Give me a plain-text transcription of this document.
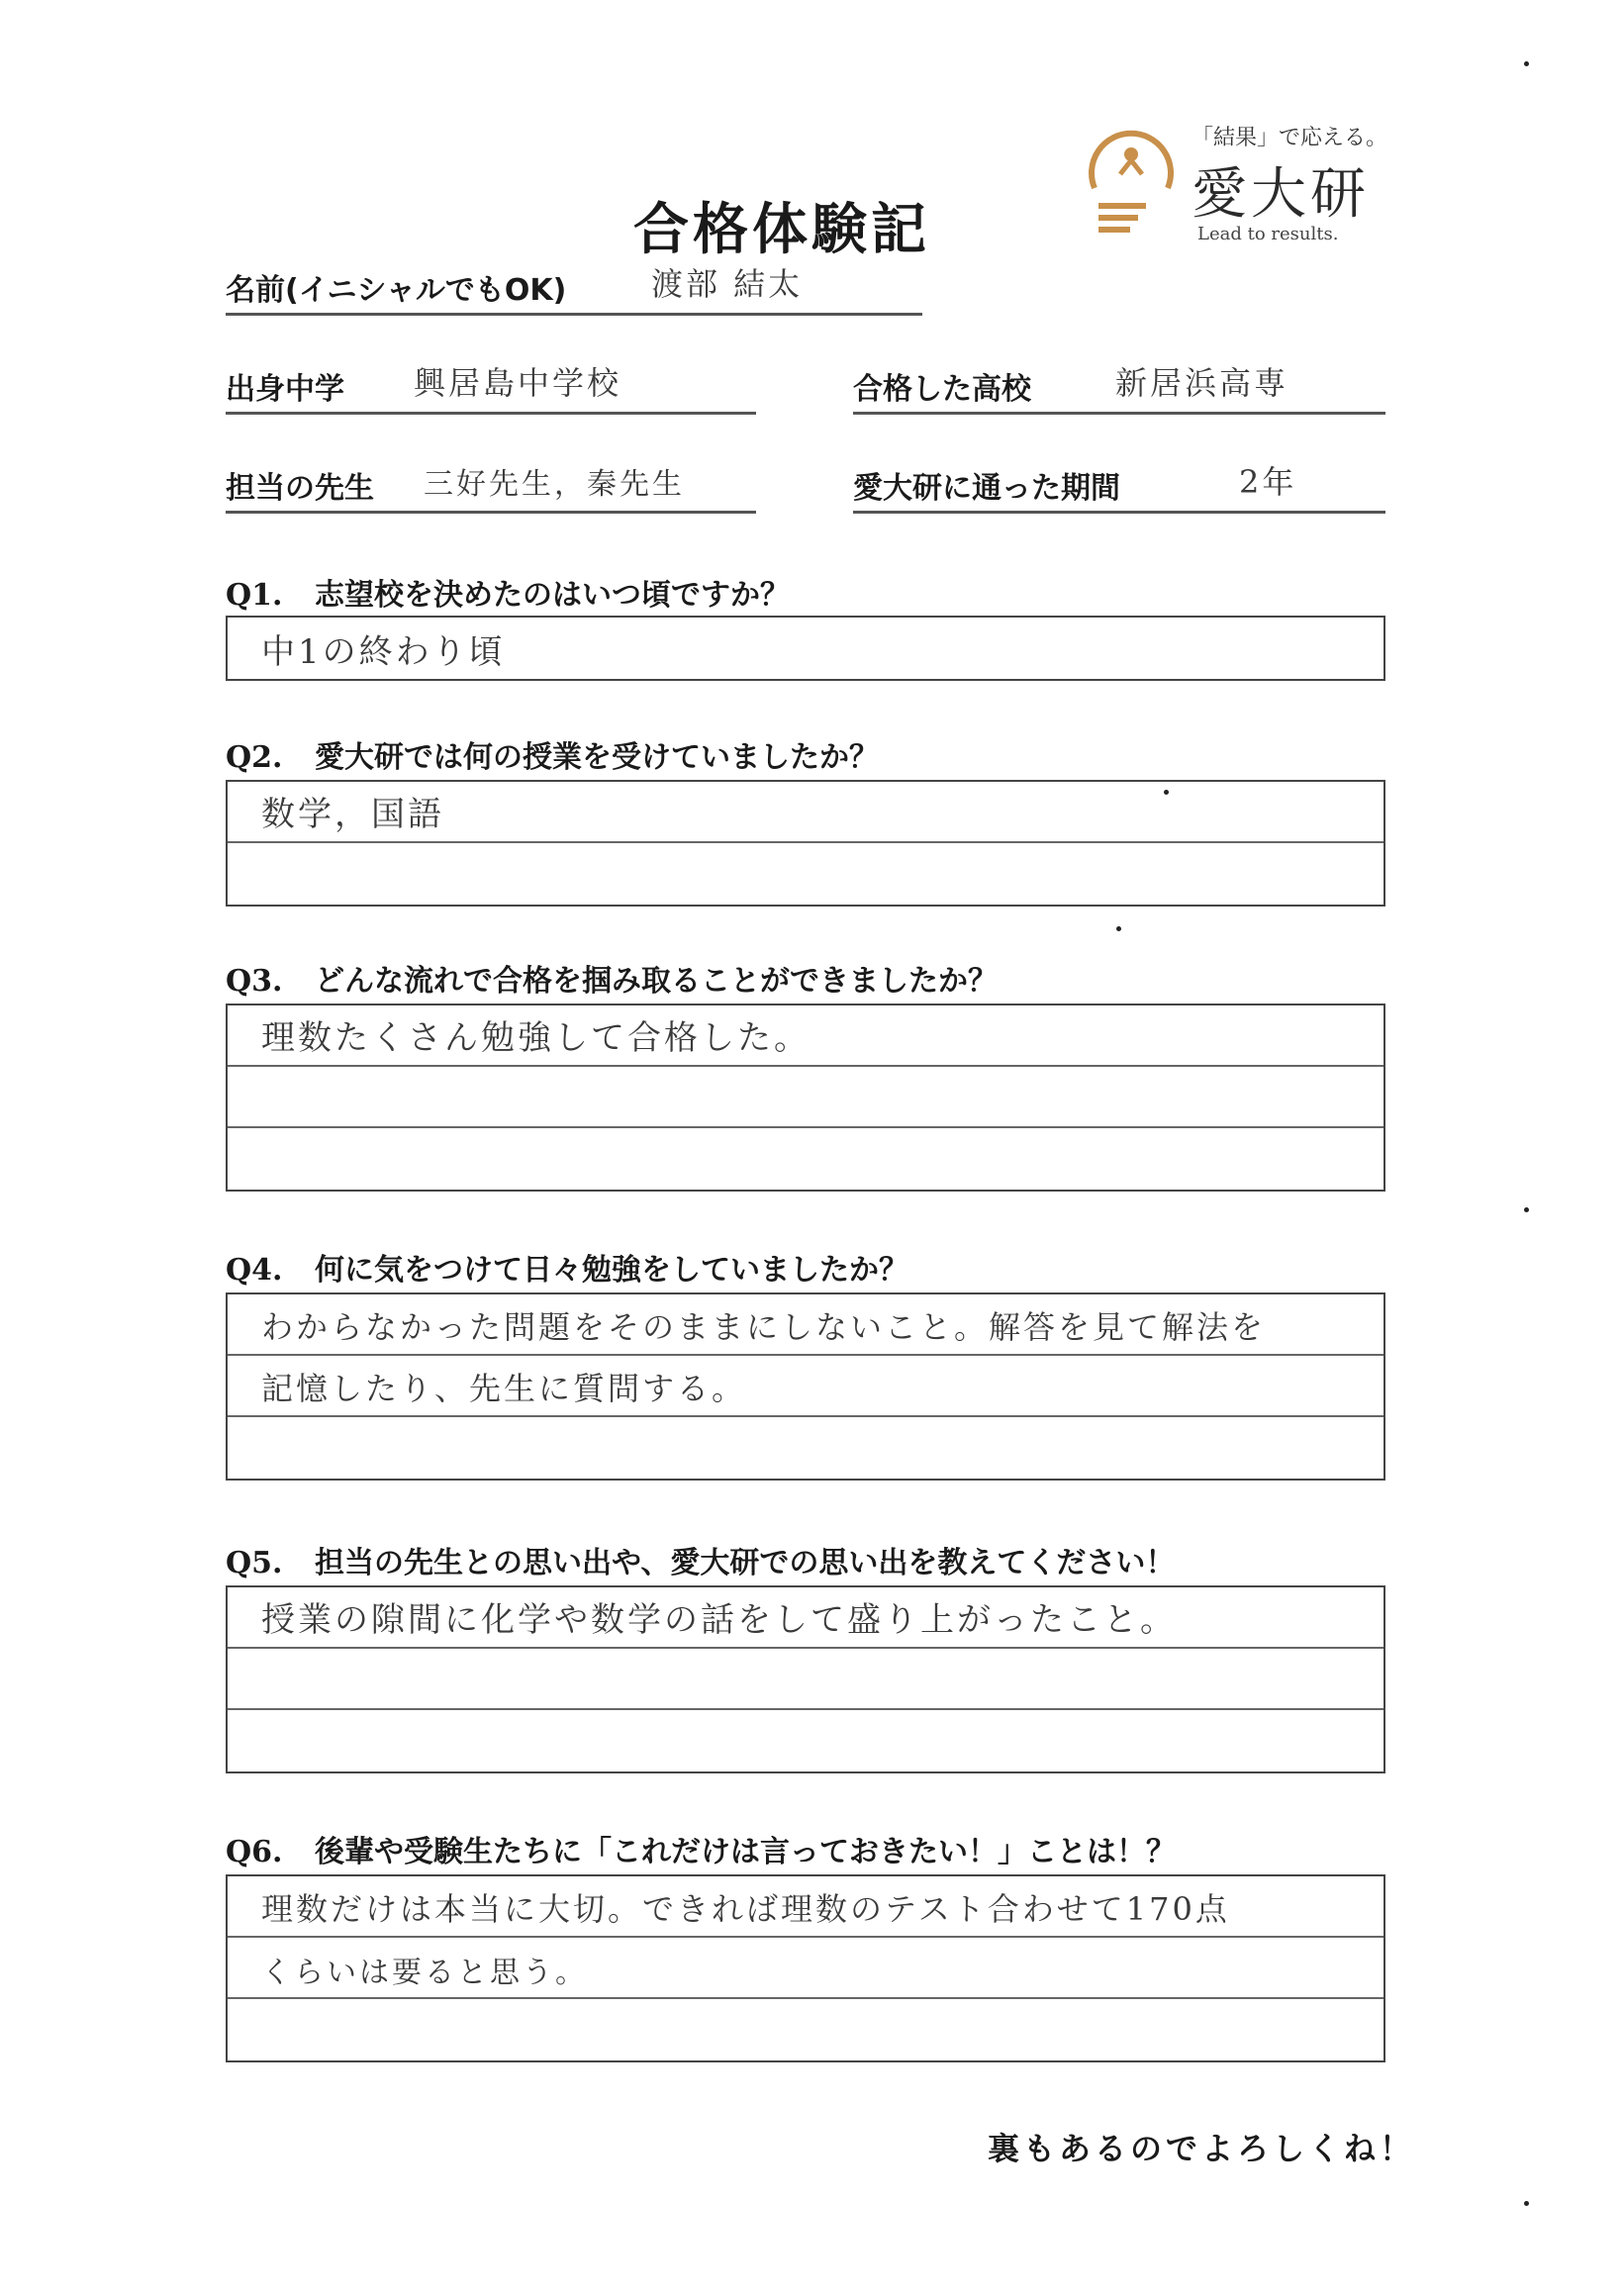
合格体験記
「結果」で応える。
愛大研
Lead to results.
名前(イニシャルでもOK)	渡部 結太
出身中学 興居島中学校	合格した高校	新居浜高専
担当の先生 三好先生，秦先生	愛大研に通った期間	2年
Q1. 志望校を決めたのはいつ頃ですか？
中1の終わり頃
Q2. 愛大研では何の授業を受けていましたか？
数学，国語
Q3. どんな流れで合格を掴み取ることができましたか？
理数たくさん勉強して合格した。
Q4. 何に気をつけて日々勉強をしていましたか？
わからなかった問題をそのままにしないこと。解答を見て解法を
記憶したり、先生に質問する。
Q5. 担当の先生との思い出や、愛大研での思い出を教えてください！
授業の隙間に化学や数学の話をして盛り上がったこと。
Q6. 後輩や受験生たちに「これだけは言っておきたい！」ことは！？
理数だけは本当に大切。できれば理数のテスト合わせて170点
くらいは要ると思う。
裏もあるのでよろしくね！
